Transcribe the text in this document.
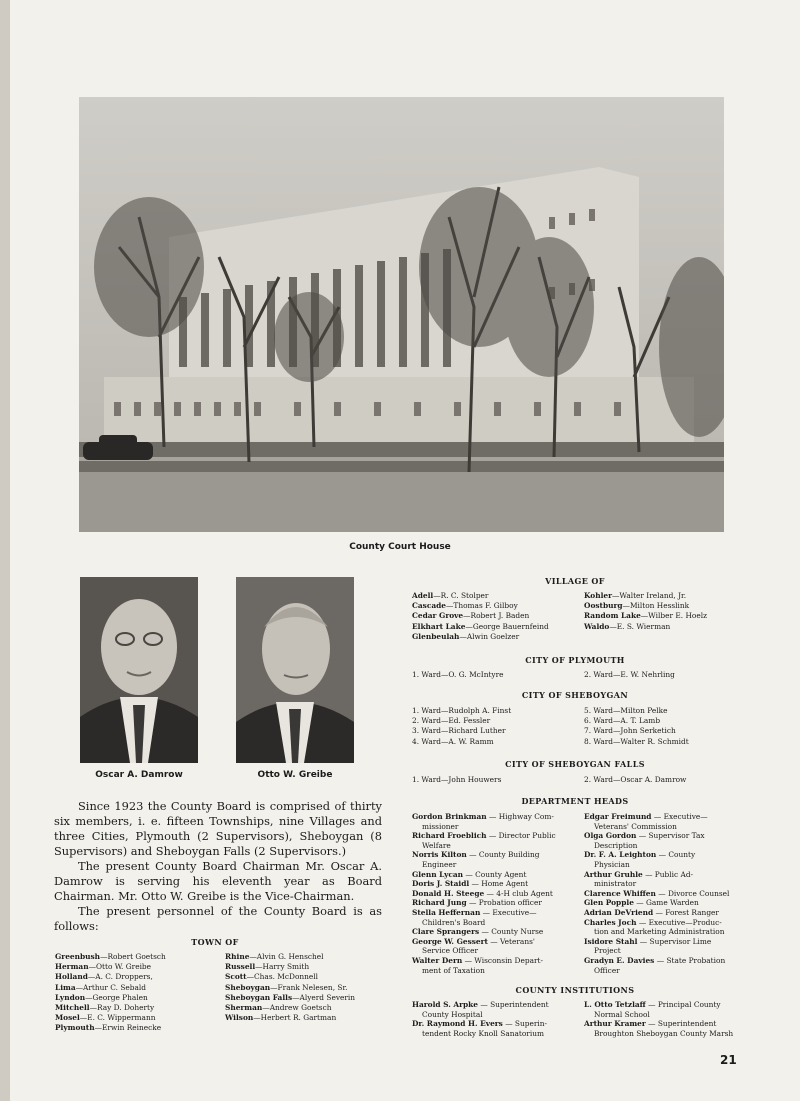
County Court House
Oscar A. Damrow	Otto W. Greibe

Since 1923 the County Board is comprised of thirty six members, i. e. fifteen Townships, nine Villages and three Cities, Plymouth (2 Supervisors), Sheboygan (8 Supervisors) and Sheboygan Falls (2 Supervisors.)

The present County Board Chairman Mr. Oscar A. Damrow is serving his eleventh year as Board Chairman. Mr. Otto W. Greibe is the Vice-Chairman.

The present personnel of the County Board is as follows:

TOWN OF
Greenbush—Robert Goetsch
Herman—Otto W. Greibe
Holland—A. C. Droppers,
Lima—Arthur C. Sebald
Lyndon—George Phalen
Mitchell—Ray D. Doherty
Mosel—E. C. Wippermann
Plymouth—Erwin Reinecke
Rhine—Alvin G. Henschel
Russell—Harry Smith
Scott—Chas. McDonnell
Sheboygan—Frank Nelesen, Sr.
Sheboygan Falls—Alyerd Severin
Sherman—Andrew Goetsch
Wilson—Herbert R. Gartman
VILLAGE OF
Adell—R. C. Stolper
Cascade—Thomas F. Gilboy
Cedar Grove—Robert J. Baden
Elkhart Lake—George Bauernfeind
Glenbeulah—Alwin Goelzer
Kohler—Walter Ireland, Jr.
Oostburg—Milton Hesslink
Random Lake—Wilber E. Hoelz
Waldo—E. S. Wierman
CITY OF PLYMOUTH
1. Ward—O. G. McIntyre	2. Ward—E. W. Nehrling
CITY OF SHEBOYGAN
1. Ward—Rudolph A. Finst
2. Ward—Ed. Fessler
3. Ward—Richard Luther
4. Ward—A. W. Ramm
5. Ward—Milton Pelke
6. Ward—A. T. Lamb
7. Ward—John Serketich
8. Ward—Walter R. Schmidt
CITY OF SHEBOYGAN FALLS
1. Ward—John Houwers	2. Ward—Oscar A. Damrow
DEPARTMENT HEADS
Gordon Brinkman — Highway Com-
missioner
Richard Froeblich — Director Public
Welfare
Norris Kilton — County Building
Engineer
Glenn Lycan — County Agent
Doris J. Staidl — Home Agent
Donald H. Steege — 4-H club Agent
Richard Jung — Probation officer
Stella Heffernan — Executive—
Children's Board
Clare Sprangers — County Nurse
George W. Gessert — Veterans'
Service Officer
Walter Dern — Wisconsin Depart-
ment of Taxation
Edgar Freimund — Executive—
Veterans' Commission
Olga Gordon — Supervisor Tax
Description
Dr. F. A. Leighton — County
Physician
Arthur Gruhle — Public Ad-
ministrator
Clarence Whiffen — Divorce Counsel
Glen Popple — Game Warden
Adrian DeVriend — Forest Ranger
Charles Joch — Executive—Produc-
tion and Marketing Administration
Isidore Stahl — Supervisor Lime
Project
Gradyn E. Davies — State Probation
Officer
COUNTY INSTITUTIONS
Harold S. Arpke — Superintendent
County Hospital
Dr. Raymond H. Evers — Superin-
tendent Rocky Knoll Sanatorium
L. Otto Tetzlaff — Principal County
Normal School
Arthur Kramer — Superintendent
Broughton Sheboygan County Marsh
21
